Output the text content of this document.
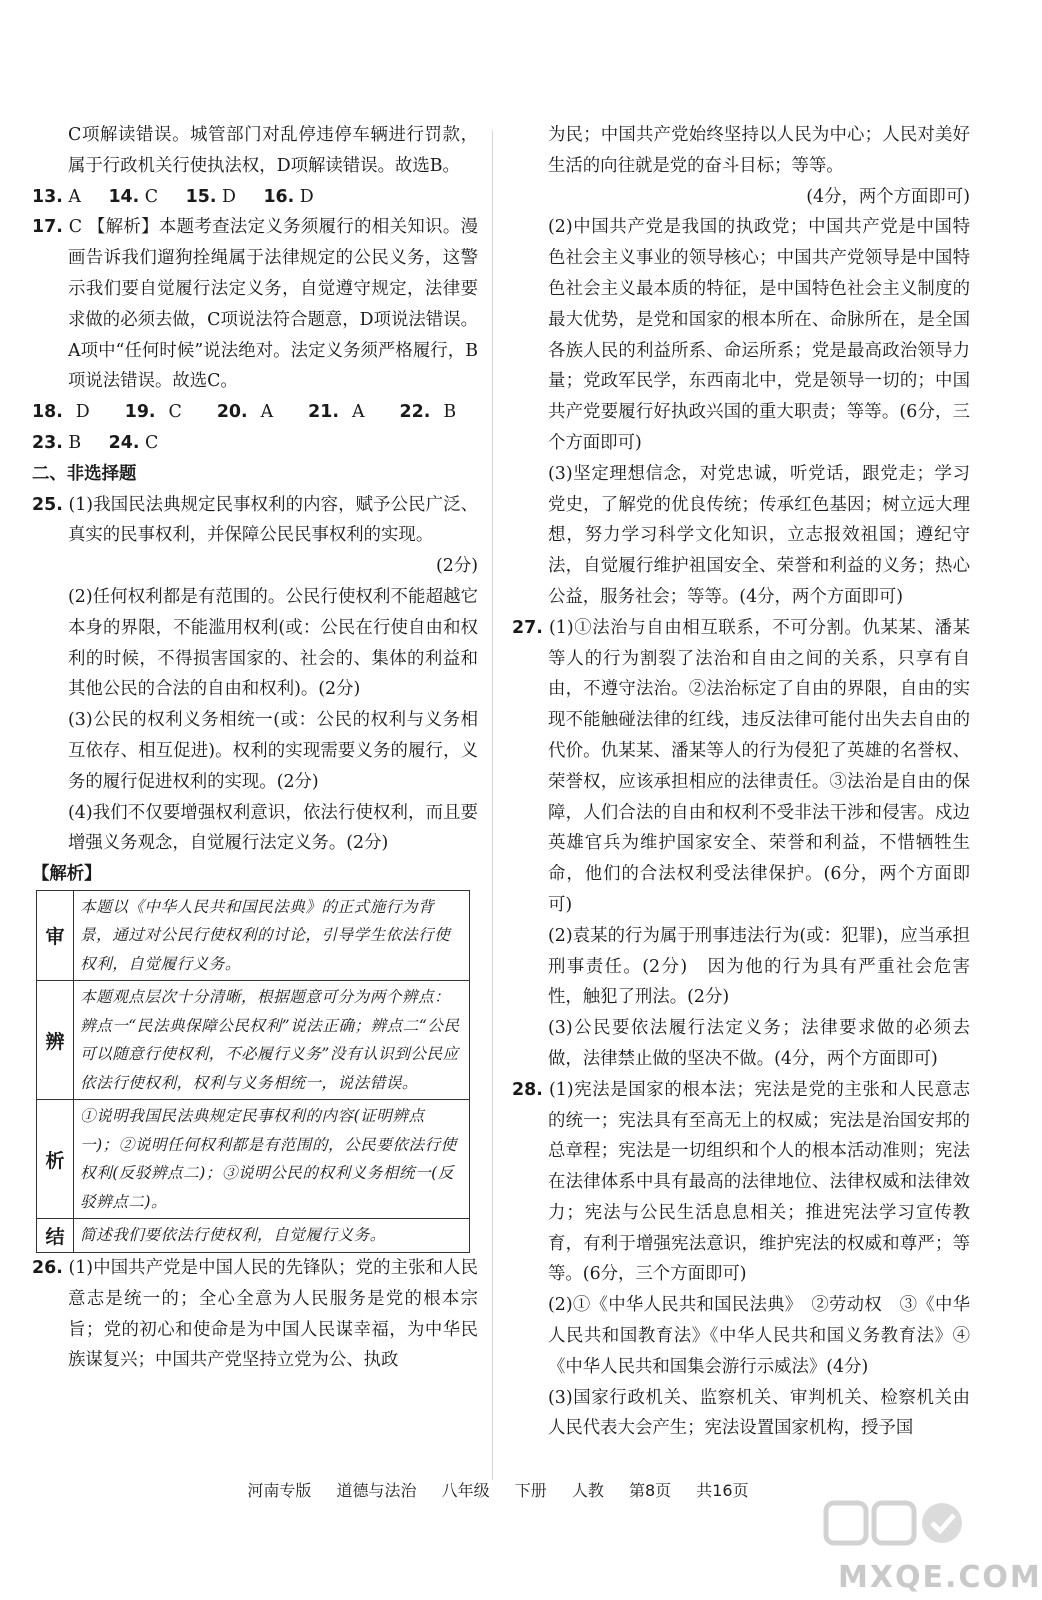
C项解读错误。城管部门对乱停违停车辆进行罚款，属于行政机关行使执法权，D项解读错误。故选B。

13. A 14. C 15. D 16. D

17. C 【解析】本题考查法定义务须履行的相关知识。漫画告诉我们遛狗拴绳属于法律规定的公民义务，这警示我们要自觉履行法定义务，自觉遵守规定，法律要求做的必须去做，C项说法符合题意，D项说法错误。A项中“任何时候”说法绝对。法定义务须严格履行，B项说法错误。故选C。

18. D 19. C 20. A 21. A 22. B 23. B 24. C

二、非选择题

25. (1)我国民法典规定民事权利的内容，赋予公民广泛、真实的民事权利，并保障公民民事权利的实现。

(2分)

(2)任何权利都是有范围的。公民行使权利不能超越它本身的界限，不能滥用权利(或：公民在行使自由和权利的时候，不得损害国家的、社会的、集体的利益和其他公民的合法的自由和权利)。(2分)

(3)公民的权利义务相统一(或：公民的权利与义务相互依存、相互促进)。权利的实现需要义务的履行，义务的履行促进权利的实现。(2分)

(4)我们不仅要增强权利意识，依法行使权利，而且要增强义务观念，自觉履行法定义务。(2分)

【解析】

审	本题以《中华人民共和国民法典》的正式施行为背景，通过对公民行使权利的讨论，引导学生依法行使权利，自觉履行义务。
辨	本题观点层次十分清晰，根据题意可分为两个辨点：辨点一“民法典保障公民权利”说法正确；辨点二“公民可以随意行使权利，不必履行义务”没有认识到公民应依法行使权利，权利与义务相统一，说法错误。
析	①说明我国民法典规定民事权利的内容(证明辨点一)；②说明任何权利都是有范围的，公民要依法行使权利(反驳辨点二)；③说明公民的权利义务相统一(反驳辨点二)。
结	简述我们要依法行使权利，自觉履行义务。

26. (1)中国共产党是中国人民的先锋队；党的主张和人民意志是统一的；全心全意为人民服务是党的根本宗旨；党的初心和使命是为中国人民谋幸福，为中华民族谋复兴；中国共产党坚持立党为公、执政

为民；中国共产党始终坚持以人民为中心；人民对美好生活的向往就是党的奋斗目标；等等。

(4分，两个方面即可)

(2)中国共产党是我国的执政党；中国共产党是中国特色社会主义事业的领导核心；中国共产党领导是中国特色社会主义最本质的特征，是中国特色社会主义制度的最大优势，是党和国家的根本所在、命脉所在，是全国各族人民的利益所系、命运所系；党是最高政治领导力量；党政军民学，东西南北中，党是领导一切的；中国共产党要履行好执政兴国的重大职责；等等。(6分，三个方面即可)

(3)坚定理想信念，对党忠诚，听党话，跟党走；学习党史，了解党的优良传统；传承红色基因；树立远大理想，努力学习科学文化知识，立志报效祖国；遵纪守法，自觉履行维护祖国安全、荣誉和利益的义务；热心公益，服务社会；等等。(4分，两个方面即可)

27. (1)①法治与自由相互联系，不可分割。仇某某、潘某等人的行为割裂了法治和自由之间的关系，只享有自由，不遵守法治。②法治标定了自由的界限，自由的实现不能触碰法律的红线，违反法律可能付出失去自由的代价。仇某某、潘某等人的行为侵犯了英雄的名誉权、荣誉权，应该承担相应的法律责任。③法治是自由的保障，人们合法的自由和权利不受非法干涉和侵害。戍边英雄官兵为维护国家安全、荣誉和利益，不惜牺牲生命，他们的合法权利受法律保护。(6分，两个方面即可)

(2)袁某的行为属于刑事违法行为(或：犯罪)，应当承担刑事责任。(2分)　因为他的行为具有严重社会危害性，触犯了刑法。(2分)

(3)公民要依法履行法定义务；法律要求做的必须去做，法律禁止做的坚决不做。(4分，两个方面即可)

28. (1)宪法是国家的根本法；宪法是党的主张和人民意志的统一；宪法具有至高无上的权威；宪法是治国安邦的总章程；宪法是一切组织和个人的根本活动准则；宪法在法律体系中具有最高的法律地位、法律权威和法律效力；宪法与公民生活息息相关；推进宪法学习宣传教育，有利于增强宪法意识，维护宪法的权威和尊严；等等。(6分，三个方面即可)

(2)①《中华人民共和国民法典》　②劳动权　③《中华人民共和国教育法》《中华人民共和国义务教育法》④《中华人民共和国集会游行示威法》(4分)

(3)国家行政机关、监察机关、审判机关、检察机关由人民代表大会产生；宪法设置国家机构，授予国

河南专版 道德与法治 八年级 下册 人教 第8页 共16页
MXQE.COM
